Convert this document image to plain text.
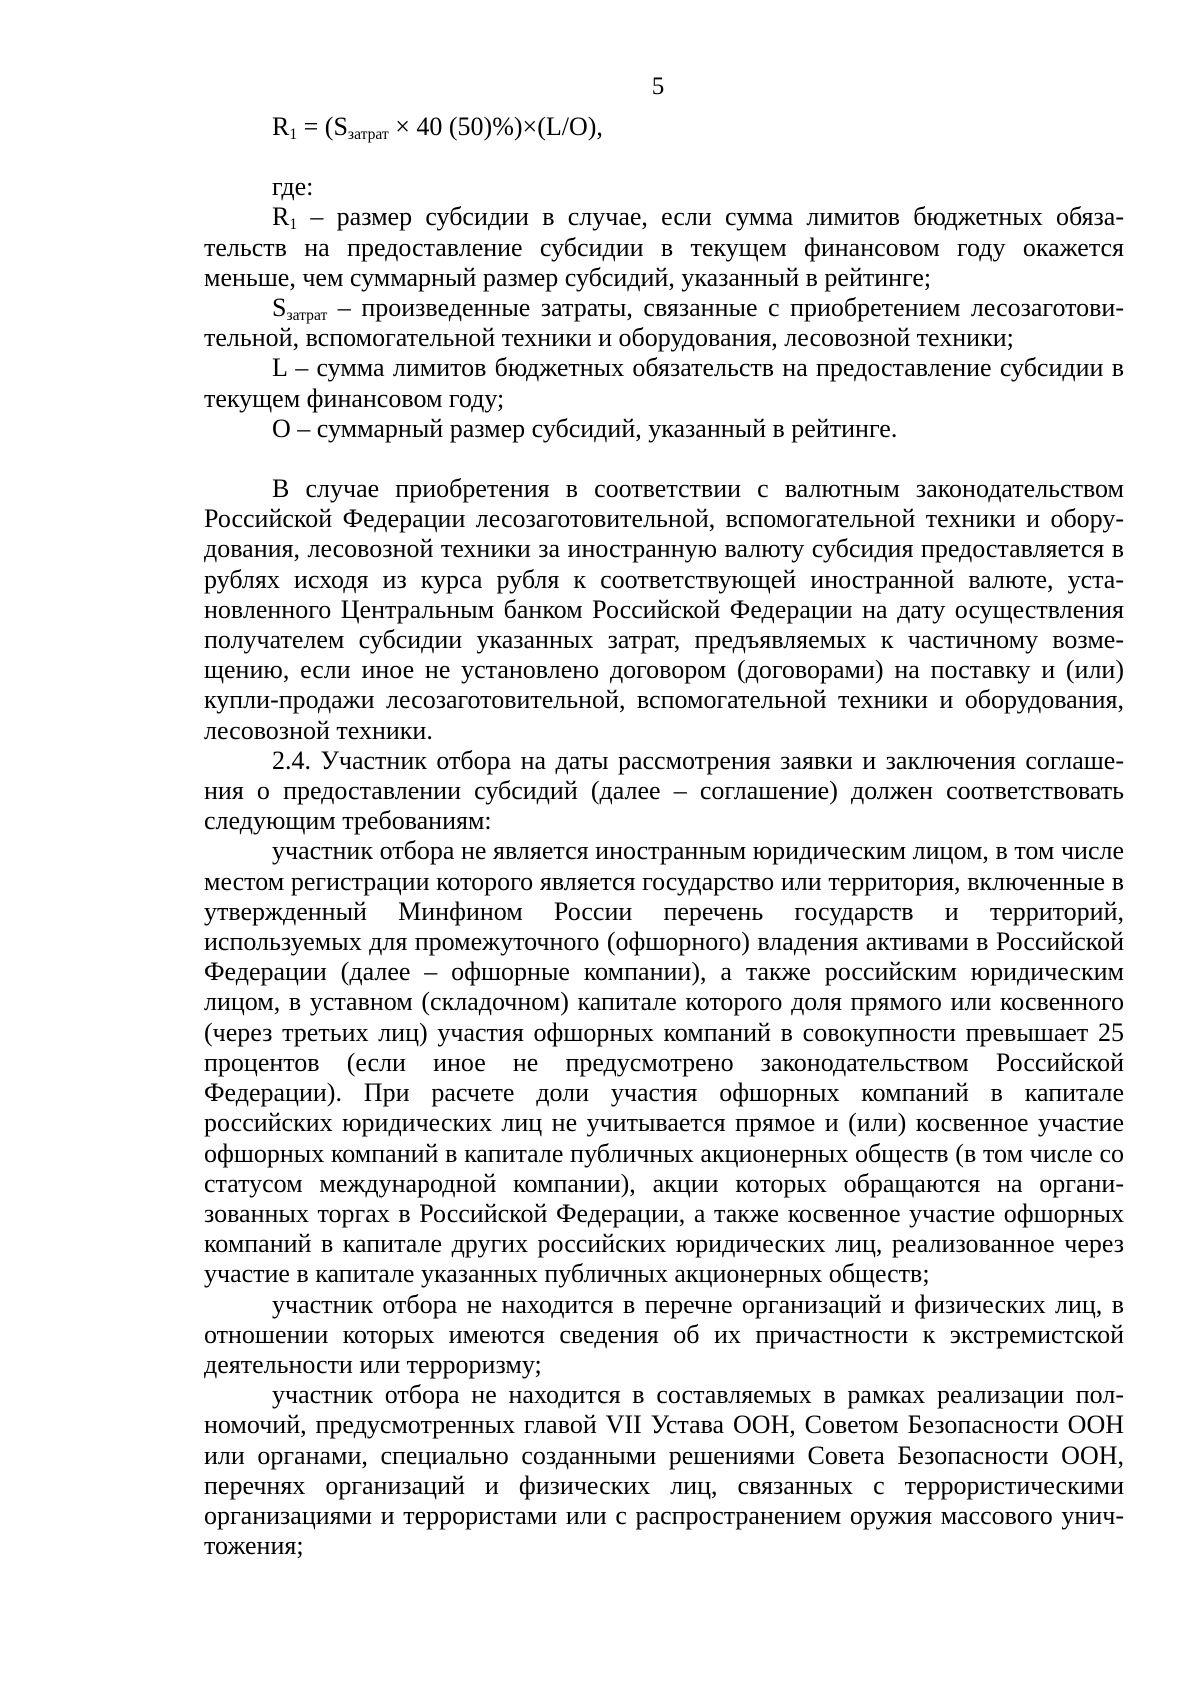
5

$R_1 = (S_{затрат} \times 40$ (50)%)×(L/O),

где:

$R_1$ – размер субсидии в случае, если сумма лимитов бюджетных обязательств на предоставление субсидии в текущем финансовом году окажется меньше, чем суммарный размер субсидий, указанный в рейтинге;

$S_{затрат}$ – произведенные затраты, связанные с приобретением лесозаготовительной, вспомогательной техники и оборудования, лесовозной техники;

L – сумма лимитов бюджетных обязательств на предоставление субсидии в текущем финансовом году;

O – суммарный размер субсидий, указанный в рейтинге.

В случае приобретения в соответствии с валютным законодательством Российской Федерации лесозаготовительной, вспомогательной техники и оборудования, лесовозной техники за иностранную валюту субсидия предоставляется в рублях исходя из курса рубля к соответствующей иностранной валюте, установленного Центральным банком Российской Федерации на дату осуществления получателем субсидии указанных затрат, предъявляемых к частичному возмещению, если иное не установлено договором (договорами) на поставку и (или) купли-продажи лесозаготовительной, вспомогательной техники и оборудования, лесовозной техники.

2.4. Участник отбора на даты рассмотрения заявки и заключения соглашения о предоставлении субсидий (далее – соглашение) должен соответствовать следующим требованиям:

участник отбора не является иностранным юридическим лицом, в том числе местом регистрации которого является государство или территория, включенные в утвержденный Минфином России перечень государств и территорий, используемых для промежуточного (офшорного) владения активами в Российской Федерации (далее – офшорные компании), а также российским юридическим лицом, в уставном (складочном) капитале которого доля прямого или косвенного (через третьих лиц) участия офшорных компаний в совокупности превышает 25 процентов (если иное не предусмотрено законодательством Российской Федерации). При расчете доли участия офшорных компаний в капитале российских юридических лиц не учитывается прямое и (или) косвенное участие офшорных компаний в капитале публичных акционерных обществ (в том числе со статусом международной компании), акции которых обращаются на организованных торгах в Российской Федерации, а также косвенное участие офшорных компаний в капитале других российских юридических лиц, реализованное через участие в капитале указанных публичных акционерных обществ;

участник отбора не находится в перечне организаций и физических лиц, в отношении которых имеются сведения об их причастности к экстремистской деятельности или терроризму;

участник отбора не находится в составляемых в рамках реализации полномочий, предусмотренных главой VII Устава ООН, Советом Безопасности ООН или органами, специально созданными решениями Совета Безопасности ООН, перечнях организаций и физических лиц, связанных с террористическими организациями и террористами или с распространением оружия массового уничтожения;
